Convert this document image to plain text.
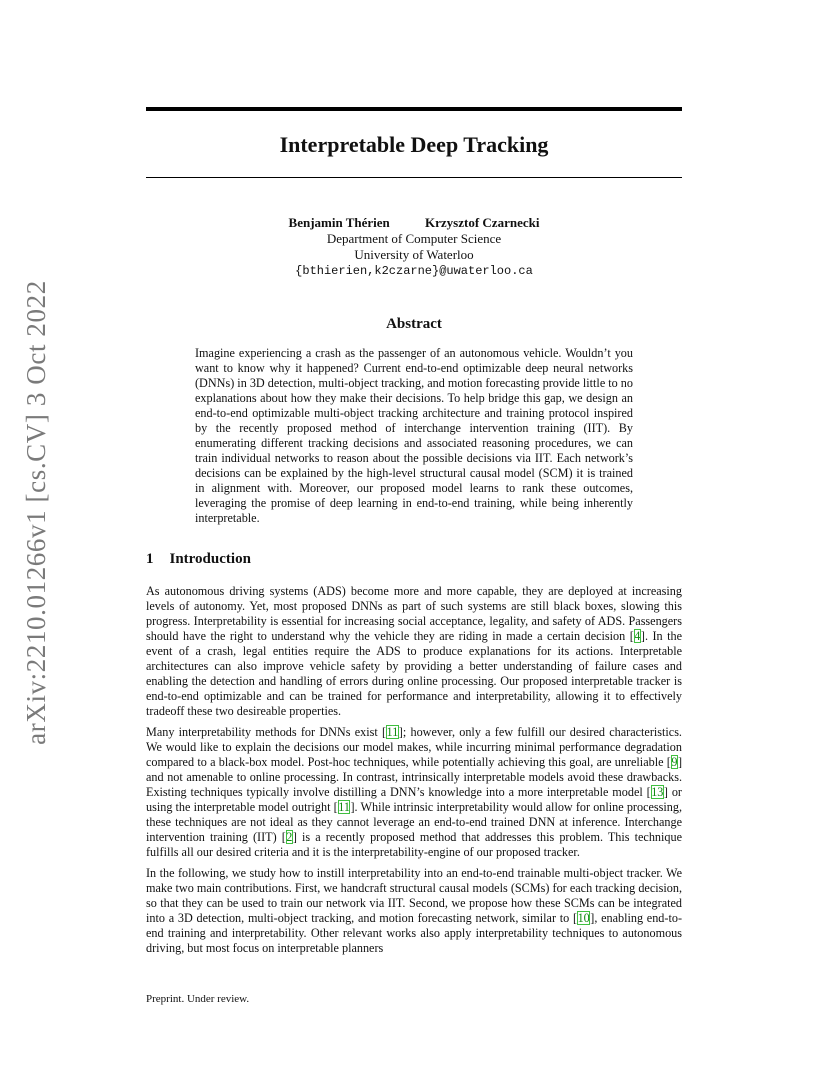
arXiv:2210.01266v1 [cs.CV] 3 Oct 2022
Interpretable Deep Tracking
Benjamin Thérien	Krzysztof Czarnecki
Department of Computer Science
University of Waterloo
{bthierien,k2czarne}@uwaterloo.ca
Abstract

Imagine experiencing a crash as the passenger of an autonomous vehicle. Wouldn’t you want to know why it happened? Current end-to-end optimizable deep neural networks (DNNs) in 3D detection, multi-object tracking, and motion forecasting provide little to no explanations about how they make their decisions. To help bridge this gap, we design an end-to-end optimizable multi-object tracking architecture and training protocol inspired by the recently proposed method of interchange intervention training (IIT). By enumerating different tracking decisions and associated reasoning procedures, we can train individual networks to reason about the possible decisions via IIT. Each network’s decisions can be explained by the high-level structural causal model (SCM) it is trained in alignment with. Moreover, our proposed model learns to rank these outcomes, leveraging the promise of deep learning in end-to-end training, while being inherently interpretable.

1 Introduction

As autonomous driving systems (ADS) become more and more capable, they are deployed at increasing levels of autonomy. Yet, most proposed DNNs as part of such systems are still black boxes, slowing this progress. Interpretability is essential for increasing social acceptance, legality, and safety of ADS. Passengers should have the right to understand why the vehicle they are riding in made a certain decision [4]. In the event of a crash, legal entities require the ADS to produce explanations for its actions. Interpretable architectures can also improve vehicle safety by providing a better understanding of failure cases and enabling the detection and handling of errors during online processing. Our proposed interpretable tracker is end-to-end optimizable and can be trained for performance and interpretability, allowing it to effectively tradeoff these two desireable properties.

Many interpretability methods for DNNs exist [11]; however, only a few fulfill our desired characteristics. We would like to explain the decisions our model makes, while incurring minimal performance degradation compared to a black-box model. Post-hoc techniques, while potentially achieving this goal, are unreliable [9] and not amenable to online processing. In contrast, intrinsically interpretable models avoid these drawbacks. Existing techniques typically involve distilling a DNN’s knowledge into a more interpretable model [13] or using the interpretable model outright [11]. While intrinsic interpretability would allow for online processing, these techniques are not ideal as they cannot leverage an end-to-end trained DNN at inference. Interchange intervention training (IIT) [2] is a recently proposed method that addresses this problem. This technique fulfills all our desired criteria and it is the interpretability-engine of our proposed tracker.

In the following, we study how to instill interpretability into an end-to-end trainable multi-object tracker. We make two main contributions. First, we handcraft structural causal models (SCMs) for each tracking decision, so that they can be used to train our network via IIT. Second, we propose how these SCMs can be integrated into a 3D detection, multi-object tracking, and motion forecasting network, similar to [10], enabling end-to-end training and interpretability. Other relevant works also apply interpretability techniques to autonomous driving, but most focus on interpretable planners

Preprint. Under review.
